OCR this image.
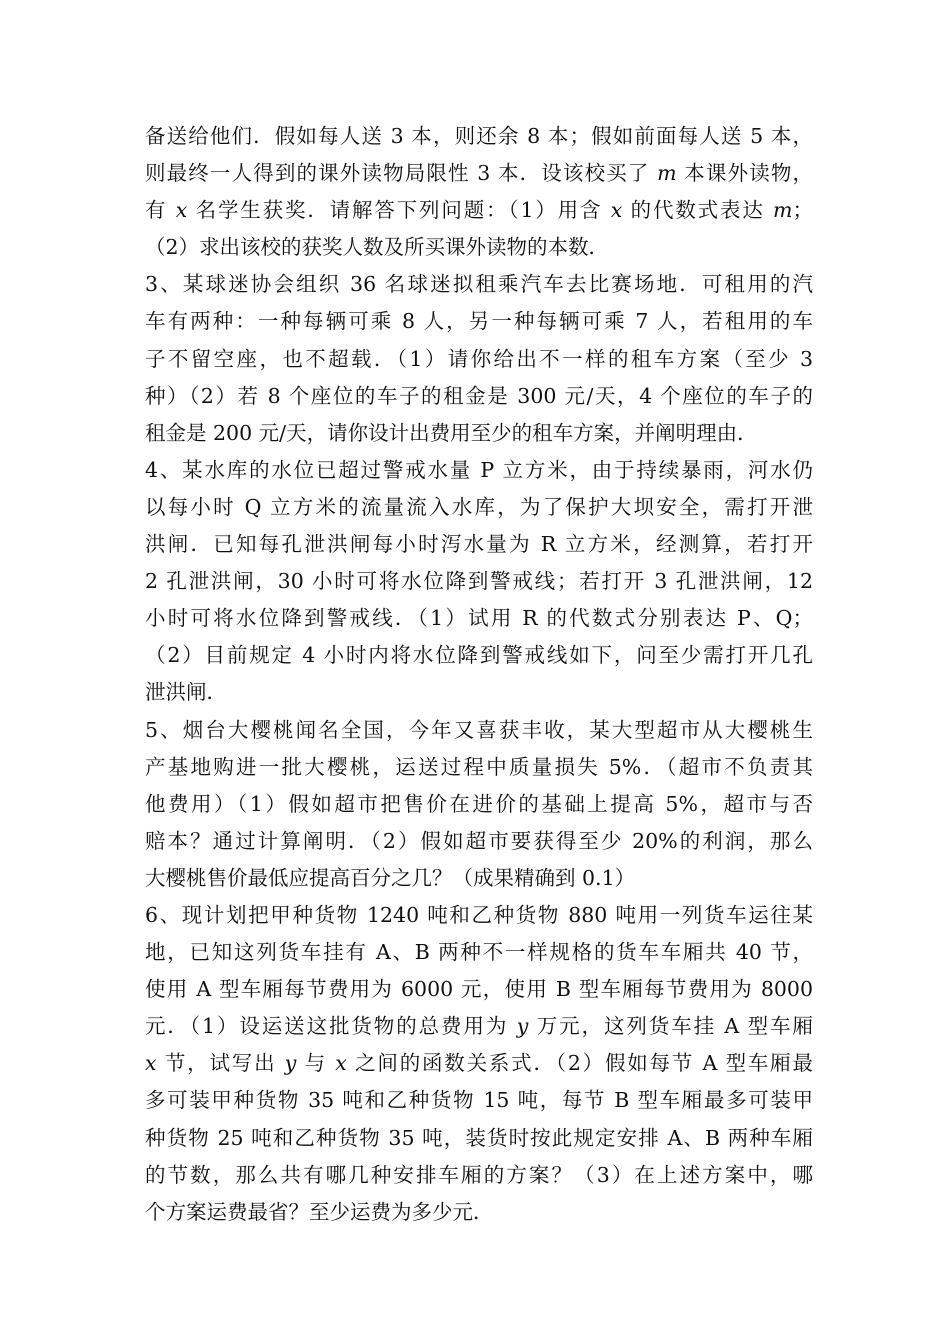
备送给他们．假如每人送 3 本，则还余 8 本；假如前面每人送 5 本，
则最终一人得到的课外读物局限性 3 本．设该校买了 m 本课外读物，
有 x 名学生获奖．请解答下列问题：（1）用含 x 的代数式表达 m；
（2）求出该校的获奖人数及所买课外读物的本数．
3、某球迷协会组织 36 名球迷拟租乘汽车去比赛场地．可租用的汽
车有两种：一种每辆可乘 8 人，另一种每辆可乘 7 人，若租用的车
子不留空座，也不超载．（1）请你给出不一样的租车方案（至少 3
种）（2）若 8 个座位的车子的租金是 300 元/天，4 个座位的车子的
租金是 200 元/天，请你设计出费用至少的租车方案，并阐明理由．
4、某水库的水位已超过警戒水量 P 立方米，由于持续暴雨，河水仍
以每小时 Q 立方米的流量流入水库，为了保护大坝安全，需打开泄
洪闸．已知每孔泄洪闸每小时泻水量为 R 立方米，经测算，若打开
2 孔泄洪闸，30 小时可将水位降到警戒线；若打开 3 孔泄洪闸，12
小时可将水位降到警戒线．（1）试用 R 的代数式分别表达 P、Q；
（2）目前规定 4 小时内将水位降到警戒线如下，问至少需打开几孔
泄洪闸．
5、烟台大樱桃闻名全国，今年又喜获丰收，某大型超市从大樱桃生
产基地购进一批大樱桃，运送过程中质量损失 5%．（超市不负责其
他费用）（1）假如超市把售价在进价的基础上提高 5%，超市与否
赔本？通过计算阐明．（2）假如超市要获得至少 20%的利润，那么
大樱桃售价最低应提高百分之几？（成果精确到 0.1）
6、现计划把甲种货物 1240 吨和乙种货物 880 吨用一列货车运往某
地，已知这列货车挂有 A、B 两种不一样规格的货车车厢共 40 节，
使用 A 型车厢每节费用为 6000 元，使用 B 型车厢每节费用为 8000
元．（1）设运送这批货物的总费用为 y 万元，这列货车挂 A 型车厢
x 节，试写出 y 与 x 之间的函数关系式．（2）假如每节 A 型车厢最
多可装甲种货物 35 吨和乙种货物 15 吨，每节 B 型车厢最多可装甲
种货物 25 吨和乙种货物 35 吨，装货时按此规定安排 A、B 两种车厢
的节数，那么共有哪几种安排车厢的方案？（3）在上述方案中，哪
个方案运费最省？至少运费为多少元．
